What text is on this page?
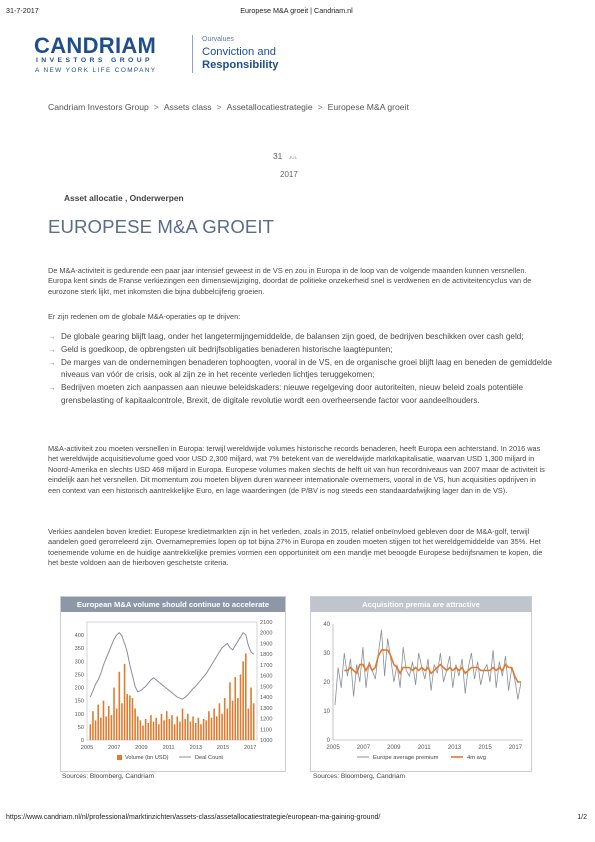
31-7-2017	Europese M&A groeit | Candriam.nl
CANDRIAM
INVESTORS GROUP
A NEW YORK LIFE COMPANY
Ourvalues
Conviction and
Responsibility
Candriam Investors Group > Assets class > Assetallocatiestrategie > Europese M&A groeit
31 JUL
2017
Asset allocatie , Onderwerpen
EUROPESE M&A GROEIT

De M&A-activiteit is gedurende een paar jaar intensief geweest in de VS en zou in Europa in de loop van de volgende maanden kunnen versnellen. Europa kent sinds de Franse verkiezingen een dimensiewijziging, doordat de politieke onzekerheid snel is verdwenen en de activiteitencyclus van de eurozone sterk lijkt, met inkomsten die bijna dubbelcijferig groeien.

Er zijn redenen om de globale M&A-operaties op te drijven:

→ De globale gearing blijft laag, onder het langetermijngemiddelde, de balansen zijn goed, de bedrijven beschikken over cash geld;
→ Geld is goedkoop, de opbrengsten uit bedrijfsobligaties benaderen historische laagtepunten;
→ De marges van de ondernemingen benaderen tophoogten, vooral in de VS, en de organische groei blijft laag en beneden de gemiddelde niveaus van vóór de crisis, ook al zijn ze in het recente verleden lichtjes teruggekomen;
→ Bedrijven moeten zich aanpassen aan nieuwe beleidskaders: nieuwe regelgeving door autoriteiten, nieuw beleid zoals potentiële grensbelasting of kapitaalcontrole, Brexit, de digitale revolutie wordt een overheersende factor voor aandeelhouders.

M&A-activiteit zou moeten versnellen in Europa: terwijl wereldwijde volumes historische records benaderen, heeft Europa een achterstand. In 2016 was het wereldwijde acquisitievolume goed voor USD 2,300 miljard, wat 7% betekent van de wereldwijde marktkapitalisatie, waarvan USD 1,300 miljard in Noord-Amerika en slechts USD 468 miljard in Europa. Europese volumes maken slechts de helft uit van hun recordniveaus van 2007 maar de activiteit is eindelijk aan het versnellen. Dit momentum zou moeten blijven duren wanneer internationale overnemers, vooral in de VS, hun acquisities opdrijven in een context van een historisch aantrekkelijke Euro, en lage waarderingen (de P/BV is nog steeds een standaardafwijking lager dan in de VS).

Verkies aandelen boven krediet: Europese kredietmarkten zijn in het verleden, zoals in 2015, relatief onbeïnvloed gebleven door de M&A-golf, terwijl aandelen goed gerorreleerd zijn. Overnamepremies lopen op tot bijna 27% in Europa en zouden moeten stijgen tot het wereldgemiddelde van 35%. Het toenemende volume en de huidige aantrekkelijke premies vormen een opportuniteit om een mandje met beoogde Europese bedrijfsnamen te kopen, die het beste voldoen aan de hierboven geschetste criteria.

European M&A volume should continue to accelerate
0
50
100
150
200
250
300
350
400
1000
1100
1200
1300
1400
1500
1600
1700
1800
1900
2000
2100
2005	2007	2009	2011	2013	2015	2017
Volume (bn USD)	Deal Count
Sources: Bloomberg, Candriam
Acquisition premia are attractive
0
10
20
30
40
2005	2007	2009	2011	2013	2015	2017
Europe average premium	4m avg
Sources: Bloomberg, Candriam
https://www.candriam.nl/nl/professional/marktinzichten/assets-class/assetallocatiestrategie/european-ma-gaining-ground/	1/2
